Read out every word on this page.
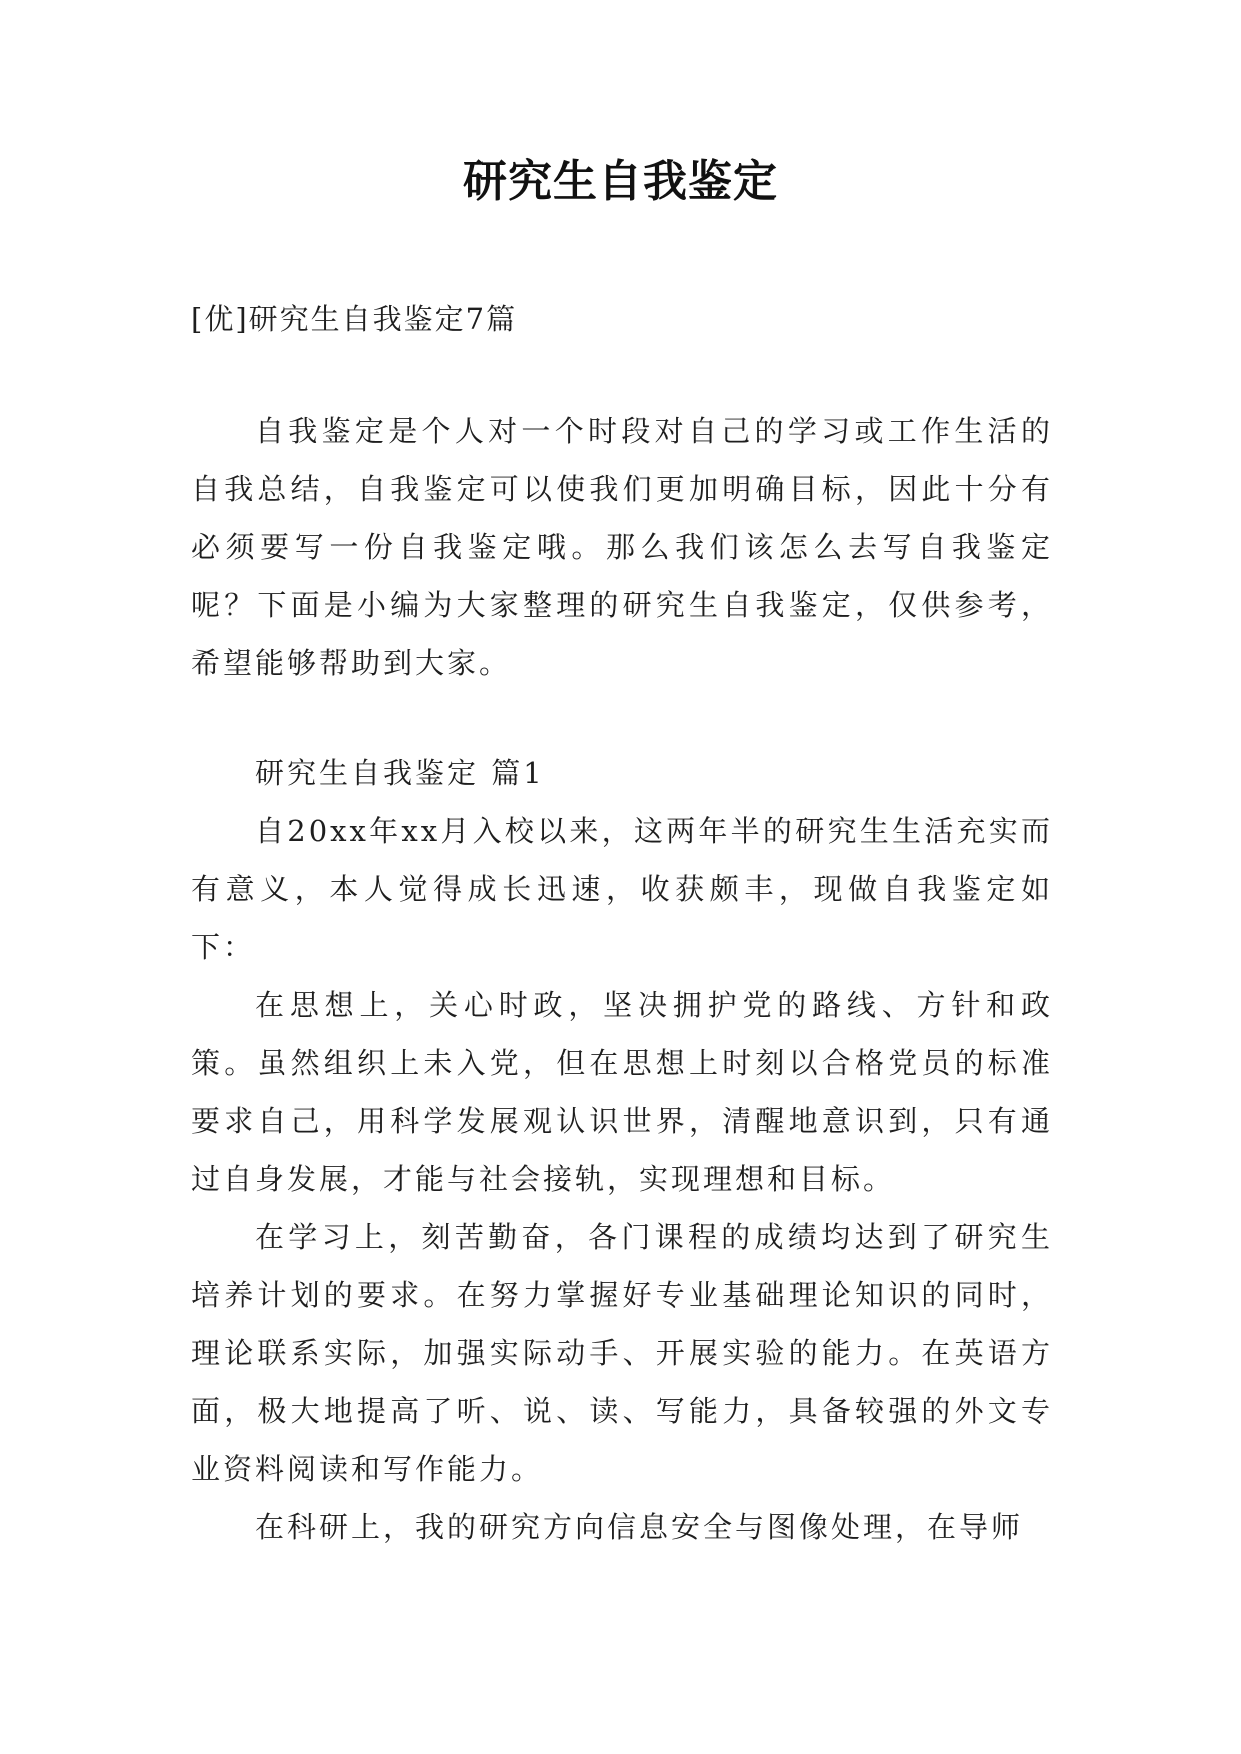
研究生自我鉴定

[优]研究生自我鉴定7篇

自我鉴定是个人对一个时段对自己的学习或工作生活的自我总结，自我鉴定可以使我们更加明确目标，因此十分有必须要写一份自我鉴定哦。那么我们该怎么去写自我鉴定呢？下面是小编为大家整理的研究生自我鉴定，仅供参考，希望能够帮助到大家。

研究生自我鉴定 篇1

自20xx年xx月入校以来，这两年半的研究生生活充实而有意义，本人觉得成长迅速，收获颇丰，现做自我鉴定如下：

在思想上，关心时政，坚决拥护党的路线、方针和政策。虽然组织上未入党，但在思想上时刻以合格党员的标准要求自己，用科学发展观认识世界，清醒地意识到，只有通过自身发展，才能与社会接轨，实现理想和目标。

在学习上，刻苦勤奋，各门课程的成绩均达到了研究生培养计划的要求。在努力掌握好专业基础理论知识的同时，理论联系实际，加强实际动手、开展实验的能力。在英语方面，极大地提高了听、说、读、写能力，具备较强的外文专业资料阅读和写作能力。

在科研上，我的研究方向信息安全与图像处理，在导师
